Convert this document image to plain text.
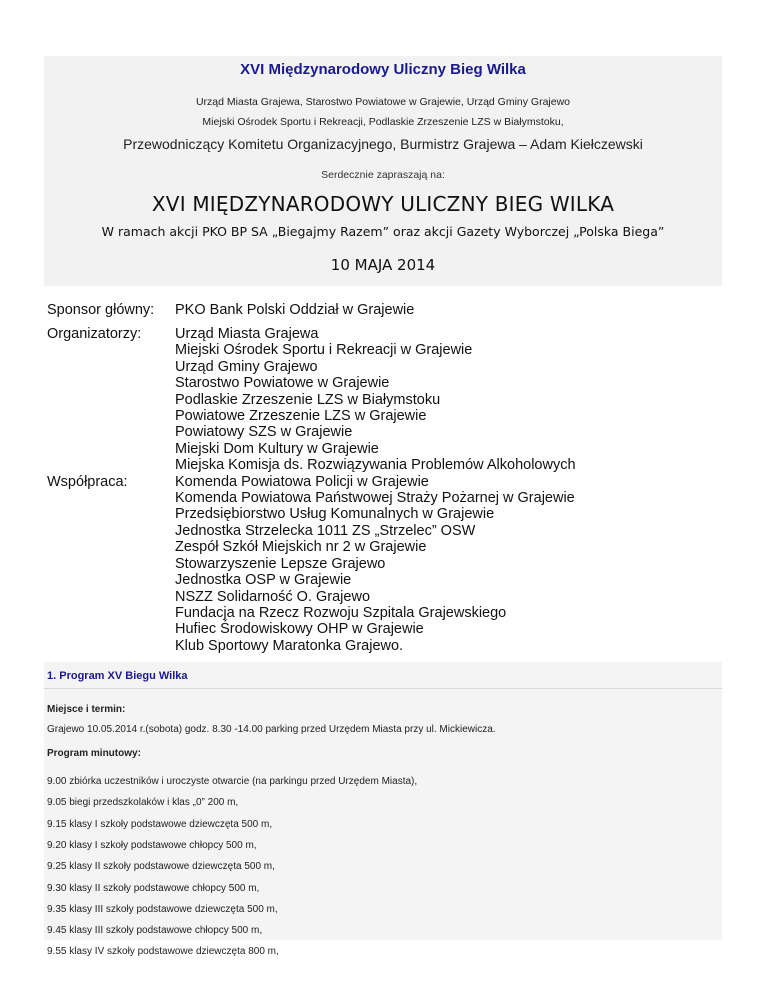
XVI Międzynarodowy Uliczny Bieg Wilka
Urząd Miasta Grajewa, Starostwo Powiatowe w Grajewie, Urząd Gminy Grajewo
Miejski Ośrodek Sportu i Rekreacji, Podlaskie Zrzeszenie LZS w Białymstoku,
Przewodniczący Komitetu Organizacyjnego, Burmistrz Grajewa – Adam Kiełczewski
Serdecznie zapraszają na:
XVI MIĘDZYNARODOWY ULICZNY BIEG WILKA
W ramach akcji PKO BP SA „Biegajmy Razem” oraz akcji Gazety Wyborczej „Polska Biega”
10 MAJA 2014
Sponsor główny: PKO Bank Polski Oddział w Grajewie
Organizatorzy:
Współpraca:
Urząd Miasta Grajewa
Miejski Ośrodek Sportu i Rekreacji w Grajewie
Urząd Gminy Grajewo
Starostwo Powiatowe w Grajewie
Podlaskie Zrzeszenie LZS w Białymstoku
Powiatowe Zrzeszenie LZS w Grajewie
Powiatowy SZS w Grajewie
Miejski Dom Kultury w Grajewie
Miejska Komisja ds. Rozwiązywania Problemów Alkoholowych
Komenda Powiatowa Policji w Grajewie
Komenda Powiatowa Państwowej Straży Pożarnej w Grajewie
Przedsiębiorstwo Usług Komunalnych w Grajewie
Jednostka Strzelecka 1011 ZS „Strzelec” OSW
Zespół Szkół Miejskich nr 2 w Grajewie
Stowarzyszenie Lepsze Grajewo
Jednostka OSP w Grajewie
NSZZ Solidarność O. Grajewo
Fundacja na Rzecz Rozwoju Szpitala Grajewskiego
Hufiec Środowiskowy OHP w Grajewie
Klub Sportowy Maratonka Grajewo.
1. Program XV Biegu Wilka
Miejsce i termin:
Grajewo 10.05.2014 r.(sobota) godz. 8.30 -14.00 parking przed Urzędem Miasta przy ul. Mickiewicza.
Program minutowy:
9.00 zbiórka uczestników i uroczyste otwarcie (na parkingu przed Urzędem Miasta),
9.05 biegi przedszkolaków i klas „0” 200 m,
9.15 klasy I szkoły podstawowe dziewczęta 500 m,
9.20 klasy I szkoły podstawowe chłopcy 500 m,
9.25 klasy II szkoły podstawowe dziewczęta 500 m,
9.30 klasy II szkoły podstawowe chłopcy 500 m,
9.35 klasy III szkoły podstawowe dziewczęta 500 m,
9.45 klasy III szkoły podstawowe chłopcy 500 m,
9.55 klasy IV szkoły podstawowe dziewczęta 800 m,
